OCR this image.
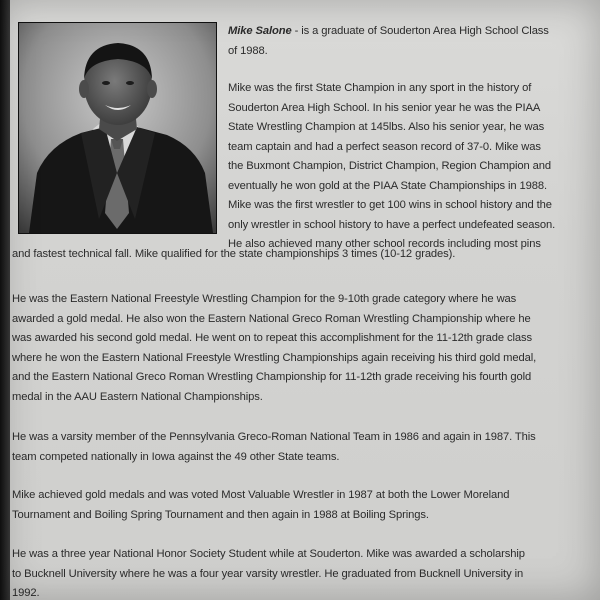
Mike Salone - is a graduate of Souderton Area High School Class
of 1988.
Mike was the first State Champion in any sport in the history of
Souderton Area High School. In his senior year he was the PIAA
State Wrestling Champion at 145lbs. Also his senior year, he was
team captain and had a perfect season record of 37-0. Mike was
the Buxmont Champion, District Champion, Region Champion and
eventually he won gold at the PIAA State Championships in 1988.
Mike was the first wrestler to get 100 wins in school history and the
only wrestler in school history to have a perfect undefeated season.
He also achieved many other school records including most pins
and fastest technical fall. Mike qualified for the state championships 3 times (10-12 grades).
He was the Eastern National Freestyle Wrestling Champion for the 9-10th grade category where he was
awarded a gold medal. He also won the Eastern National Greco Roman Wrestling Championship where he
was awarded his second gold medal. He went on to repeat this accomplishment for the 11-12th grade class
where he won the Eastern National Freestyle Wrestling Championships again receiving his third gold medal,
and the Eastern National Greco Roman Wrestling Championship for 11-12th grade receiving his fourth gold
medal in the AAU Eastern National Championships.
He was a varsity member of the Pennsylvania Greco-Roman National Team in 1986 and again in 1987. This
team competed nationally in Iowa against the 49 other State teams.
Mike achieved gold medals and was voted Most Valuable Wrestler in 1987 at both the Lower Moreland
Tournament and Boiling Spring Tournament and then again in 1988 at Boiling Springs.
He was a three year National Honor Society Student while at Souderton. Mike was awarded a scholarship
to Bucknell University where he was a four year varsity wrestler. He graduated from Bucknell University in
1992.
